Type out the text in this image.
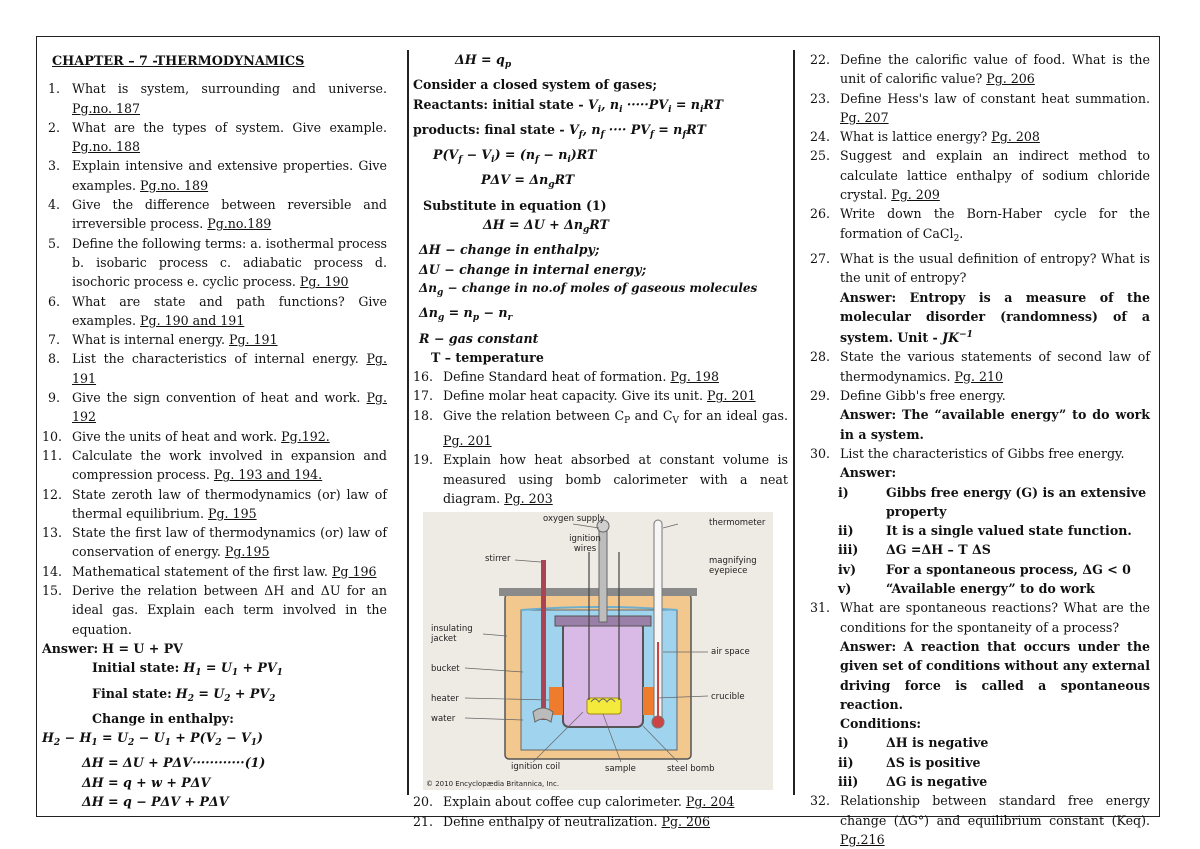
CHAPTER – 7 -THERMODYNAMICS
1. What is system, surrounding and universe. Pg.no. 187
2. What are the types of system. Give example. Pg.no. 188
3. Explain intensive and extensive properties. Give examples. Pg.no. 189
4. Give the difference between reversible and irreversible process. Pg.no.189
5. Define the following terms: a. isothermal process b. isobaric process c. adiabatic process d. isochoric process e. cyclic process. Pg. 190
6. What are state and path functions? Give examples. Pg. 190 and 191
7. What is internal energy. Pg. 191
8. List the characteristics of internal energy. Pg. 191
9. Give the sign convention of heat and work. Pg. 192
10. Give the units of heat and work. Pg.192.
11. Calculate the work involved in expansion and compression process. Pg. 193 and 194.
12. State zeroth law of thermodynamics (or) law of thermal equilibrium. Pg. 195
13. State the first law of thermodynamics (or) law of conservation of energy. Pg.195
14. Mathematical statement of the first law. Pg 196
15. Derive the relation between ΔH and ΔU for an ideal gas. Explain each term involved in the equation.
Answer: H = U + PV
Initial state: $H_1 = U_1 + PV_1$
Final state: $H_2 = U_2 + PV_2$
Change in enthalpy:
$H_2 - H_1 = U_2 - U_1 + P(V_2 - V_1)$
ΔH = ΔU + PΔV············(1)
ΔH = q + w + PΔV
ΔH = q − PΔV + PΔV
$\Delta H = q_p$
Consider a closed system of gases;
Reactants: initial state - $V_i$, $n_i \cdot\cdot\cdot\cdot\cdot PV_i = n_iRT$
products: final state - $V_f$, $n_f$ ···· $PV_f = n_fRT$
$P(V_f - V_i) = (n_f - n_i)RT$
$P\Delta V = \Delta n_gRT$
Substitute in equation (1)
$\Delta H = \Delta U + \Delta n_gRT$
ΔH − change in enthalpy;
ΔU − change in internal energy;
$\Delta n_g$ − change in no.of moles of gaseous molecules
$\Delta n_g = n_p - n_r$
R − gas constant
T – temperature
16. Define Standard heat of formation. Pg. 198
17. Define molar heat capacity. Give its unit. Pg. 201
18. Give the relation between $C_P$ and $C_V$ for an ideal gas. Pg. 201
19. Explain how heat absorbed at constant volume is measured using bomb calorimeter with a neat diagram. Pg. 203
oxygen supply	thermometer
ignition wires
stirrer	magnifying eyepiece
insulating jacket
air space
bucket
heater	crucible
water
ignition coil	sample	steel bomb
© 2010 Encyclopædia Britannica, Inc.
20. Explain about coffee cup calorimeter. Pg. 204
21. Define enthalpy of neutralization. Pg. 206
22. Define the calorific value of food. What is the unit of calorific value? Pg. 206
23. Define Hess's law of constant heat summation. Pg. 207
24. What is lattice energy? Pg. 208
25. Suggest and explain an indirect method to calculate lattice enthalpy of sodium chloride crystal. Pg. 209
26. Write down the Born-Haber cycle for the formation of CaCl$_2$.
27. What is the usual definition of entropy? What is the unit of entropy?
Answer: Entropy is a measure of the molecular disorder (randomness) of a system. Unit - $JK^{-1}$
28. State the various statements of second law of thermodynamics. Pg. 210
29. Define Gibb's free energy.
Answer: The “available energy” to do work in a system.
30. List the characteristics of Gibbs free energy.
Answer:
i)	Gibbs free energy (G) is an extensive property
ii)	It is a single valued state function.
iii)	ΔG =ΔH – T ΔS
iv)	For a spontaneous process, ΔG < 0
v)	“Available energy” to do work
31. What are spontaneous reactions? What are the conditions for the spontaneity of a process?
Answer: A reaction that occurs under the given set of conditions without any external driving force is called a spontaneous reaction.
Conditions:
i)	ΔH is negative
ii)	ΔS is positive
iii)	ΔG is negative
32. Relationship between standard free energy change (ΔG°) and equilibrium constant (Keq). Pg.216
